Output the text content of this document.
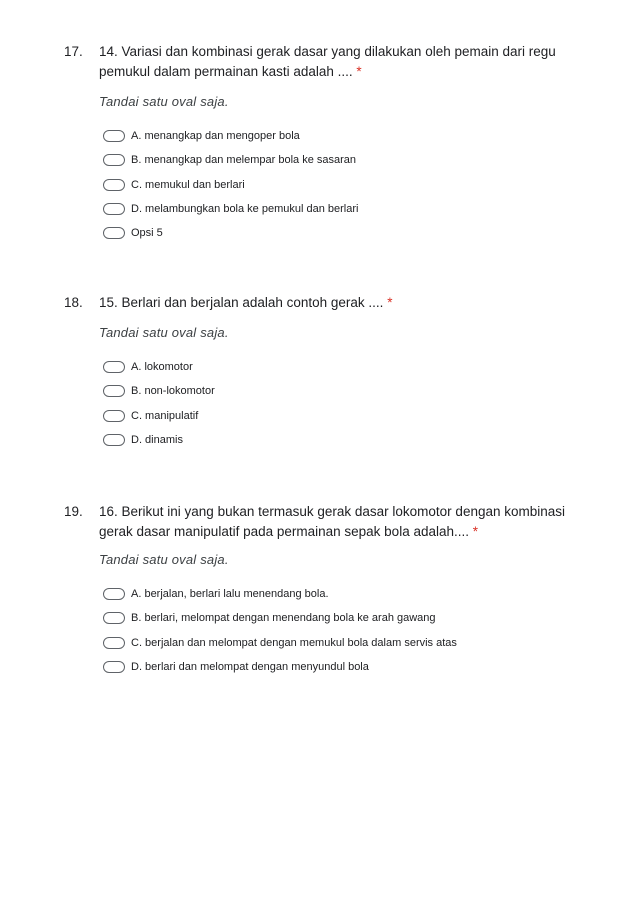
17. 14. Variasi dan kombinasi gerak dasar yang dilakukan oleh pemain dari regu pemukul dalam permainan kasti adalah .... *
Tandai satu oval saja.
A. menangkap dan mengoper bola
B. menangkap dan melempar bola ke sasaran
C. memukul dan berlari
D. melambungkan bola ke pemukul dan berlari
Opsi 5
18. 15. Berlari dan berjalan adalah contoh gerak .... *
Tandai satu oval saja.
A. lokomotor
B. non-lokomotor
C. manipulatif
D. dinamis
19. 16. Berikut ini yang bukan termasuk gerak dasar lokomotor dengan kombinasi gerak dasar manipulatif pada permainan sepak bola adalah.... *
Tandai satu oval saja.
A. berjalan, berlari lalu menendang bola.
B. berlari, melompat dengan menendang bola ke arah gawang
C. berjalan dan melompat dengan memukul bola dalam servis atas
D. berlari dan melompat dengan menyundul bola
